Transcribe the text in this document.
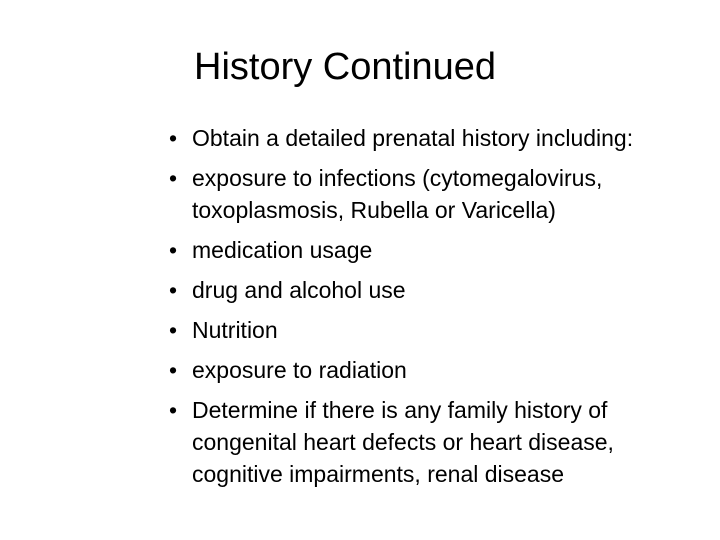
History Continued
• Obtain a detailed prenatal history including:
• exposure to infections (cytomegalovirus, toxoplasmosis, Rubella or Varicella)
• medication usage
• drug and alcohol use
• Nutrition
• exposure to radiation
• Determine if there is any family history of congenital heart defects or heart disease, cognitive impairments, renal disease
